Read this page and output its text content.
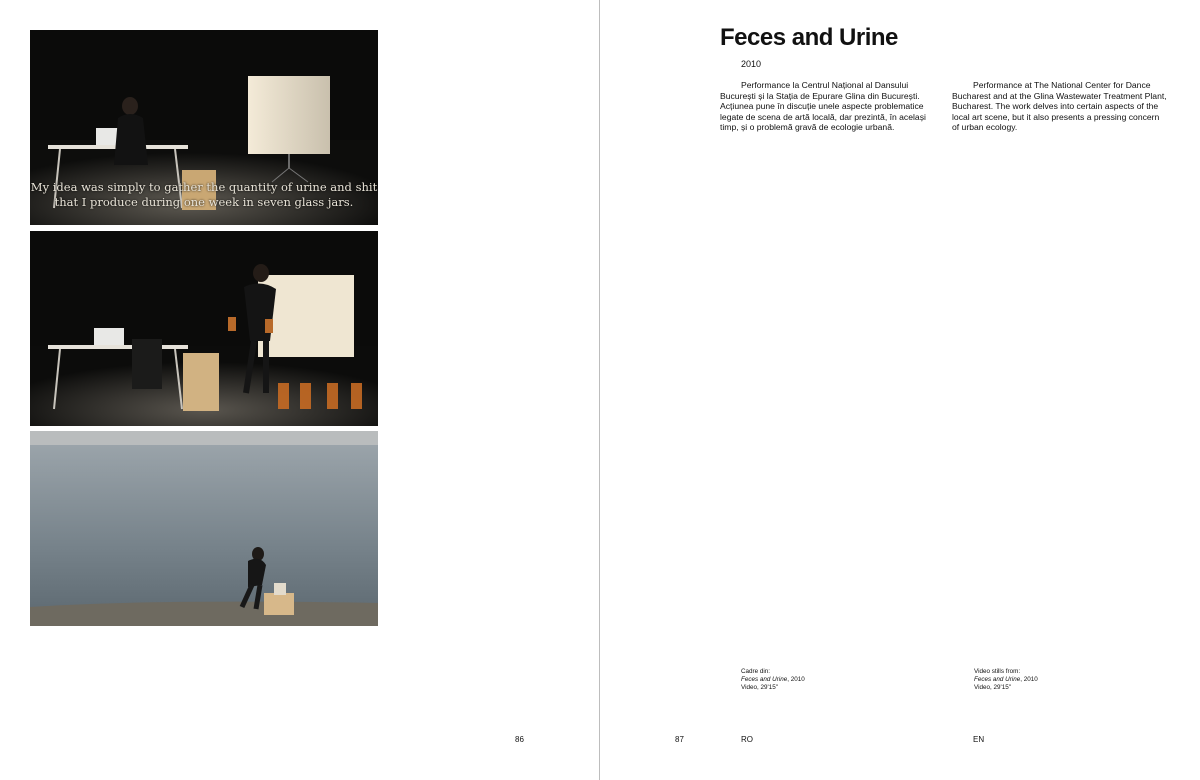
My idea was simply to gather the quantity of urine and shit that I produce during one week in seven glass jars.
86
Feces and Urine
2010

Performance la Centrul Național al Dansului București și la Stația de Epurare Glina din București. Acțiunea pune în discuție unele aspecte problematice legate de scena de artă locală, dar prezintă, în același timp, și o problemă gravă de ecologie urbană.

Performance at The National Center for Dance Bucharest and at the Glina Wastewater Treatment Plant, Bucharest. The work delves into certain aspects of the local art scene, but it also presents a pressing concern of urban ecology.

Cadre din:
Feces and Urine, 2010
Video, 29'15"
Video stills from:
Feces and Urine, 2010
Video, 29'15"
87	RO	EN
